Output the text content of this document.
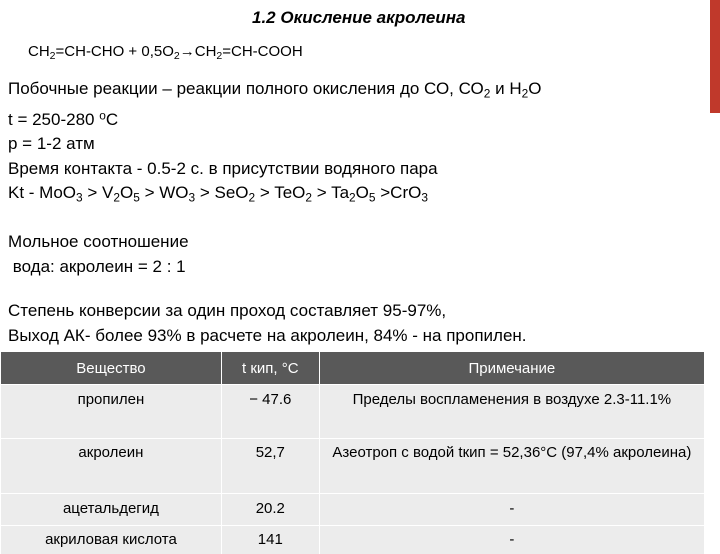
1.2 Окисление акролеина
$CH_2=CH$-CHO + $0,5O_2\to CH_2=CH$-COOH
Побочные реакции – реакции полного окисления до СО, $СО_2$ и $Н_2О$
t = 250-280 $^o$C
p = 1-2 атм
Время контакта - 0.5-2 с. в присутствии водяного пара
$Kt - MoO_3 > V_2O_5 > WO_3 > SeO_2 > TeO_2 > Ta_2O_5 >CrO_3$
Мольное соотношение
вода: акролеин = 2 : 1
Степень конверсии за один проход составляет 95-97%,
Выход АК- более 93% в расчете на акролеин, 84% - на пропилен.
Вещество	t кип, °С	Примечание
пропилен	− 47.6	Пределы воспламенения в воздухе 2.3-11.1%
акролеин	52,7	Азеотроп с водой tкип = 52,36°С (97,4% акролеина)
ацетальдегид	20.2	-
акриловая кислота	141	-
